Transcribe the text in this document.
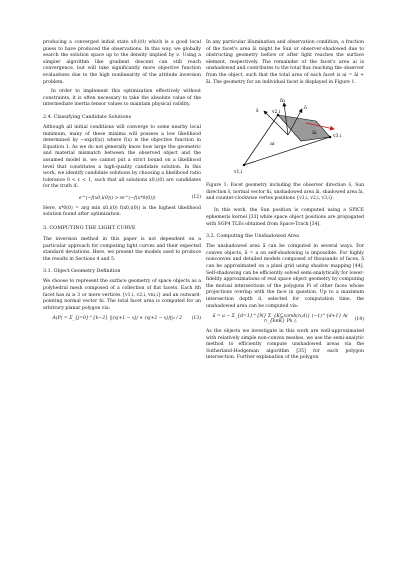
producing a converged initial state x0,i(0) which is a good local guess to have produced the observations. In this way, we globally search the solution space up to the density implied by ν. Using a simpler algorithm like gradient descent can still reach convergence, but will take significantly more objective function evaluations due to the high nonlinearity of the attitude inversion problem.

In order to implement this optimization effectively without constraints, it is often necessary to take the absolute value of the intermediate inertia tensor values to maintain physical validity.

2.4. Classifying Candidate Solutions

Although all initial conditions will converge to some nearby local minimum, many of these minima will possess a low likelihood determined by −exp(f(x)) where f(x) is the objective function in Equation 1. As we do not generally know how large the geometric and material mismatch between the observed object and the assumed model is, we cannot put a strict bound on a likelihood level that constitutes a high-quality candidate solution. In this work, we identify candidate solutions by choosing a likelihood ratio tolerance 0 < ℓ < 1, such that all solutions x0,i(0) are candidates for the truth if:

e^(−f(x0,i(0))) > ℓe^(−f(x*0(0)))	(12)

Here, x*0(0) = arg min x0,i(0) f(x0,i(0)) is the highest likelihood solution found after optimization.

3. COMPUTING THE LIGHT CURVE

The inversion method in this paper is not dependent on a particular approach for computing light curves and their expected standard deviations. Here, we present the models used to produce the results in Sections 4 and 5.

3.1. Object Geometry Definition

We choose to represent the surface geometry of space objects as a polyhedral mesh composed of a collection of flat facets. Each ith facet has ni ≥ 3 or more vertices {v1,i, v2,i, vni,i} and an outward-pointing normal vector n̂i. The total facet area is computed for an arbitrary planar polygon via:

A(P) = Σ_{j=0}^{k−2} ||(vj+1 − vj) × (vj+2 − vj)||₂ / 2	(13)

In any particular illumination and observation condition, a fraction of the facet's area âi might be Sun or observer-shadowed due to obstructing geometry before or after light reaches the surface element, respectively. The remainder of the facet's area ai is unshadowed and contributes to the total flux reaching the observer from the object, such that the total area of each facet is ai = âi + ãi. The geometry for an individual facet is displayed in Figure 1.

n̂i
ŝ	ô
v2,i
v3,i
v1,i
ai
âi

Figure 1: Facet geometry including the observer direction ô, Sun direction ŝ, normal vector n̂i, unshadowed area ãi, shadowed area âi, and counter-clockwise vertex positions {v1,i, v2,i, v3,i}.

In this work, the Sun position is computed using a SPICE ephemeris kernel [33] while space object positions are propagated with SGP4 TLEs obtained from Space-Track [34].

3.2. Computing the Unshadowed Area

The unshadowed area ã can be computed in several ways. For convex objects, â = a on self-shadowing is impossible. For highly nonconvex and detailed models composed of thousands of faces, ã can be approximated on a pixel grid using shadow mapping [44]. Self-shadowing can be efficiently solved semi-analytically for lower-fidelity approximations of real space object geometry by computing the mutual intersections of the polygons Pi of other faces whose projections overlap with the face in question. Up to a maximum intersection depth d, selected for computation time, the unshadowed area can be computed via:

ã = a − Σ_{d=1}^{N} Σ_{K⊆comb(n,d)} (−1)^{d+1} A( ∩_{k∈K} Pk ).	(14)

As the objects we investigate in this work are well-approximated with relatively simple non-convex meshes, we use the semi-analytic method to efficiently compute unshadowed areas via the Sutherland-Hodgeman algorithm [35] for each polygon intersection. Further explanation of the polygon
